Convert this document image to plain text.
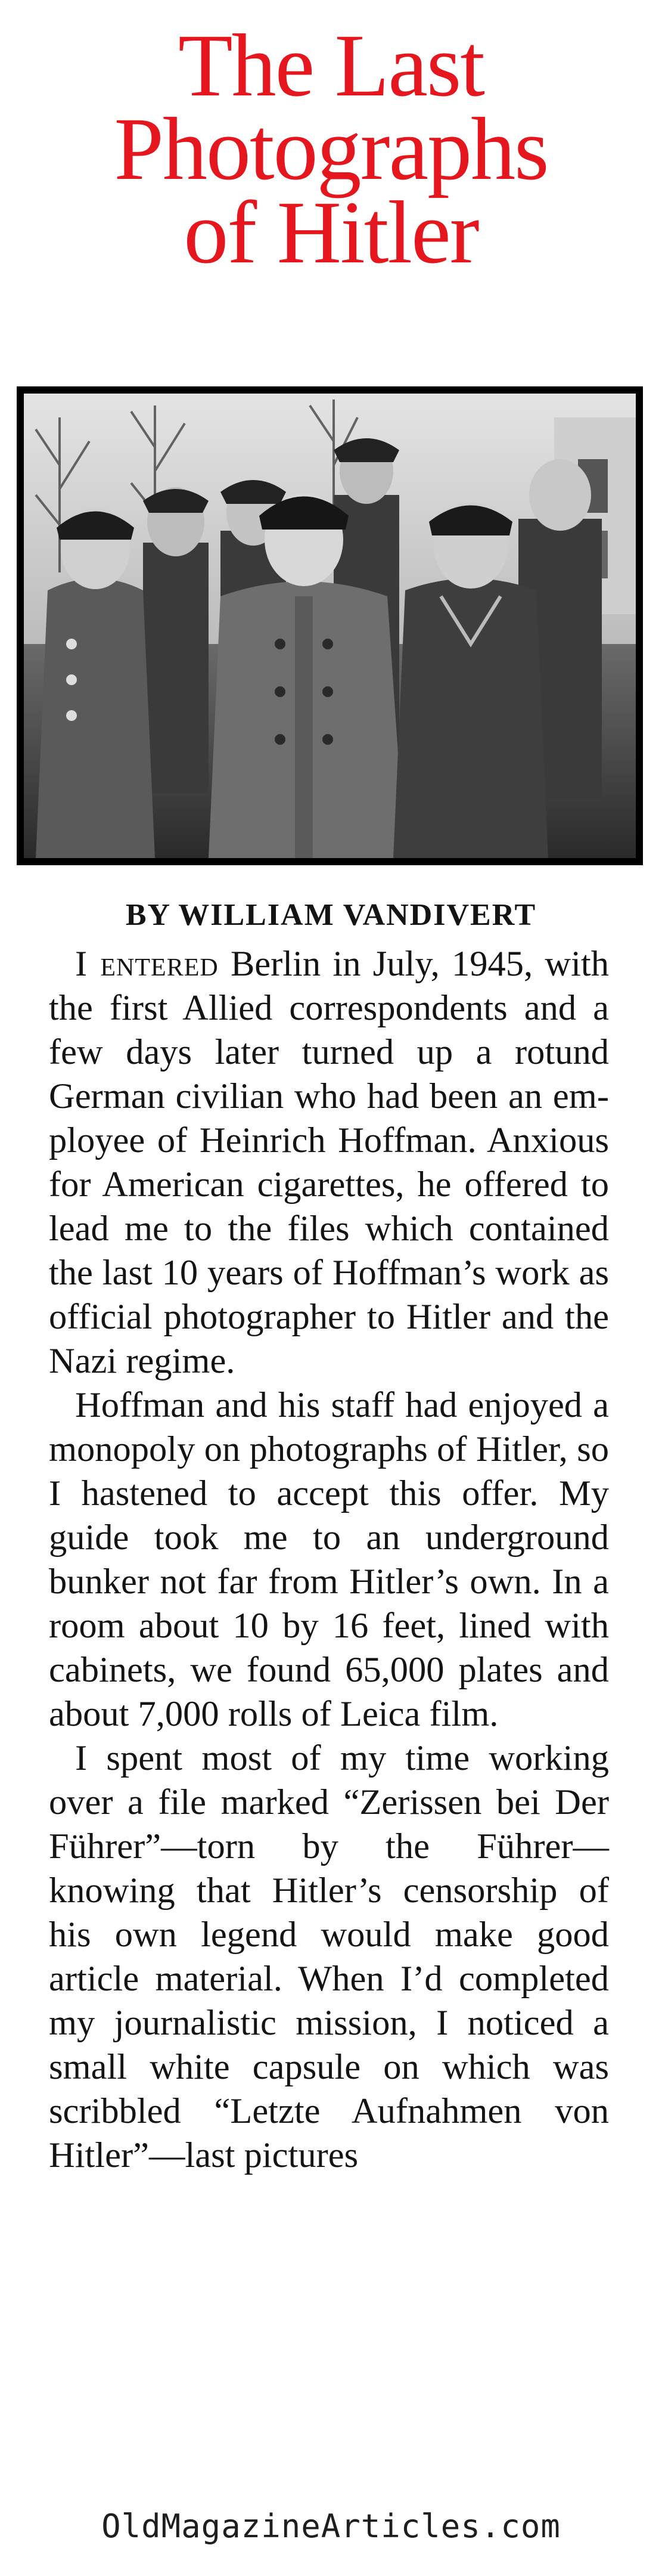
The Last
Photographs
of Hitler
BY WILLIAM VANDIVERT

I entered Berlin in July, 1945, with the first Allied correspondents and a few days later turned up a rotund German civilian who had been an employee of Heinrich Hoffman. Anxious for American cigarettes, he offered to lead me to the files which contained the last 10 years of Hoffman’s work as official photographer to Hitler and the Nazi regime.

Hoffman and his staff had enjoyed a monopoly on photographs of Hitler, so I hastened to accept this offer. My guide took me to an underground bunker not far from Hitler’s own. In a room about 10 by 16 feet, lined with cabinets, we found 65,000 plates and about 7,000 rolls of Leica film.

I spent most of my time working over a file marked “Zerissen bei Der Führer”—torn by the Führer—knowing that Hitler’s censorship of his own legend would make good article material. When I’d completed my journalistic mission, I noticed a small white capsule on which was scribbled “Letzte Aufnahmen von Hitler”—last pictures

OldMagazineArticles.com
